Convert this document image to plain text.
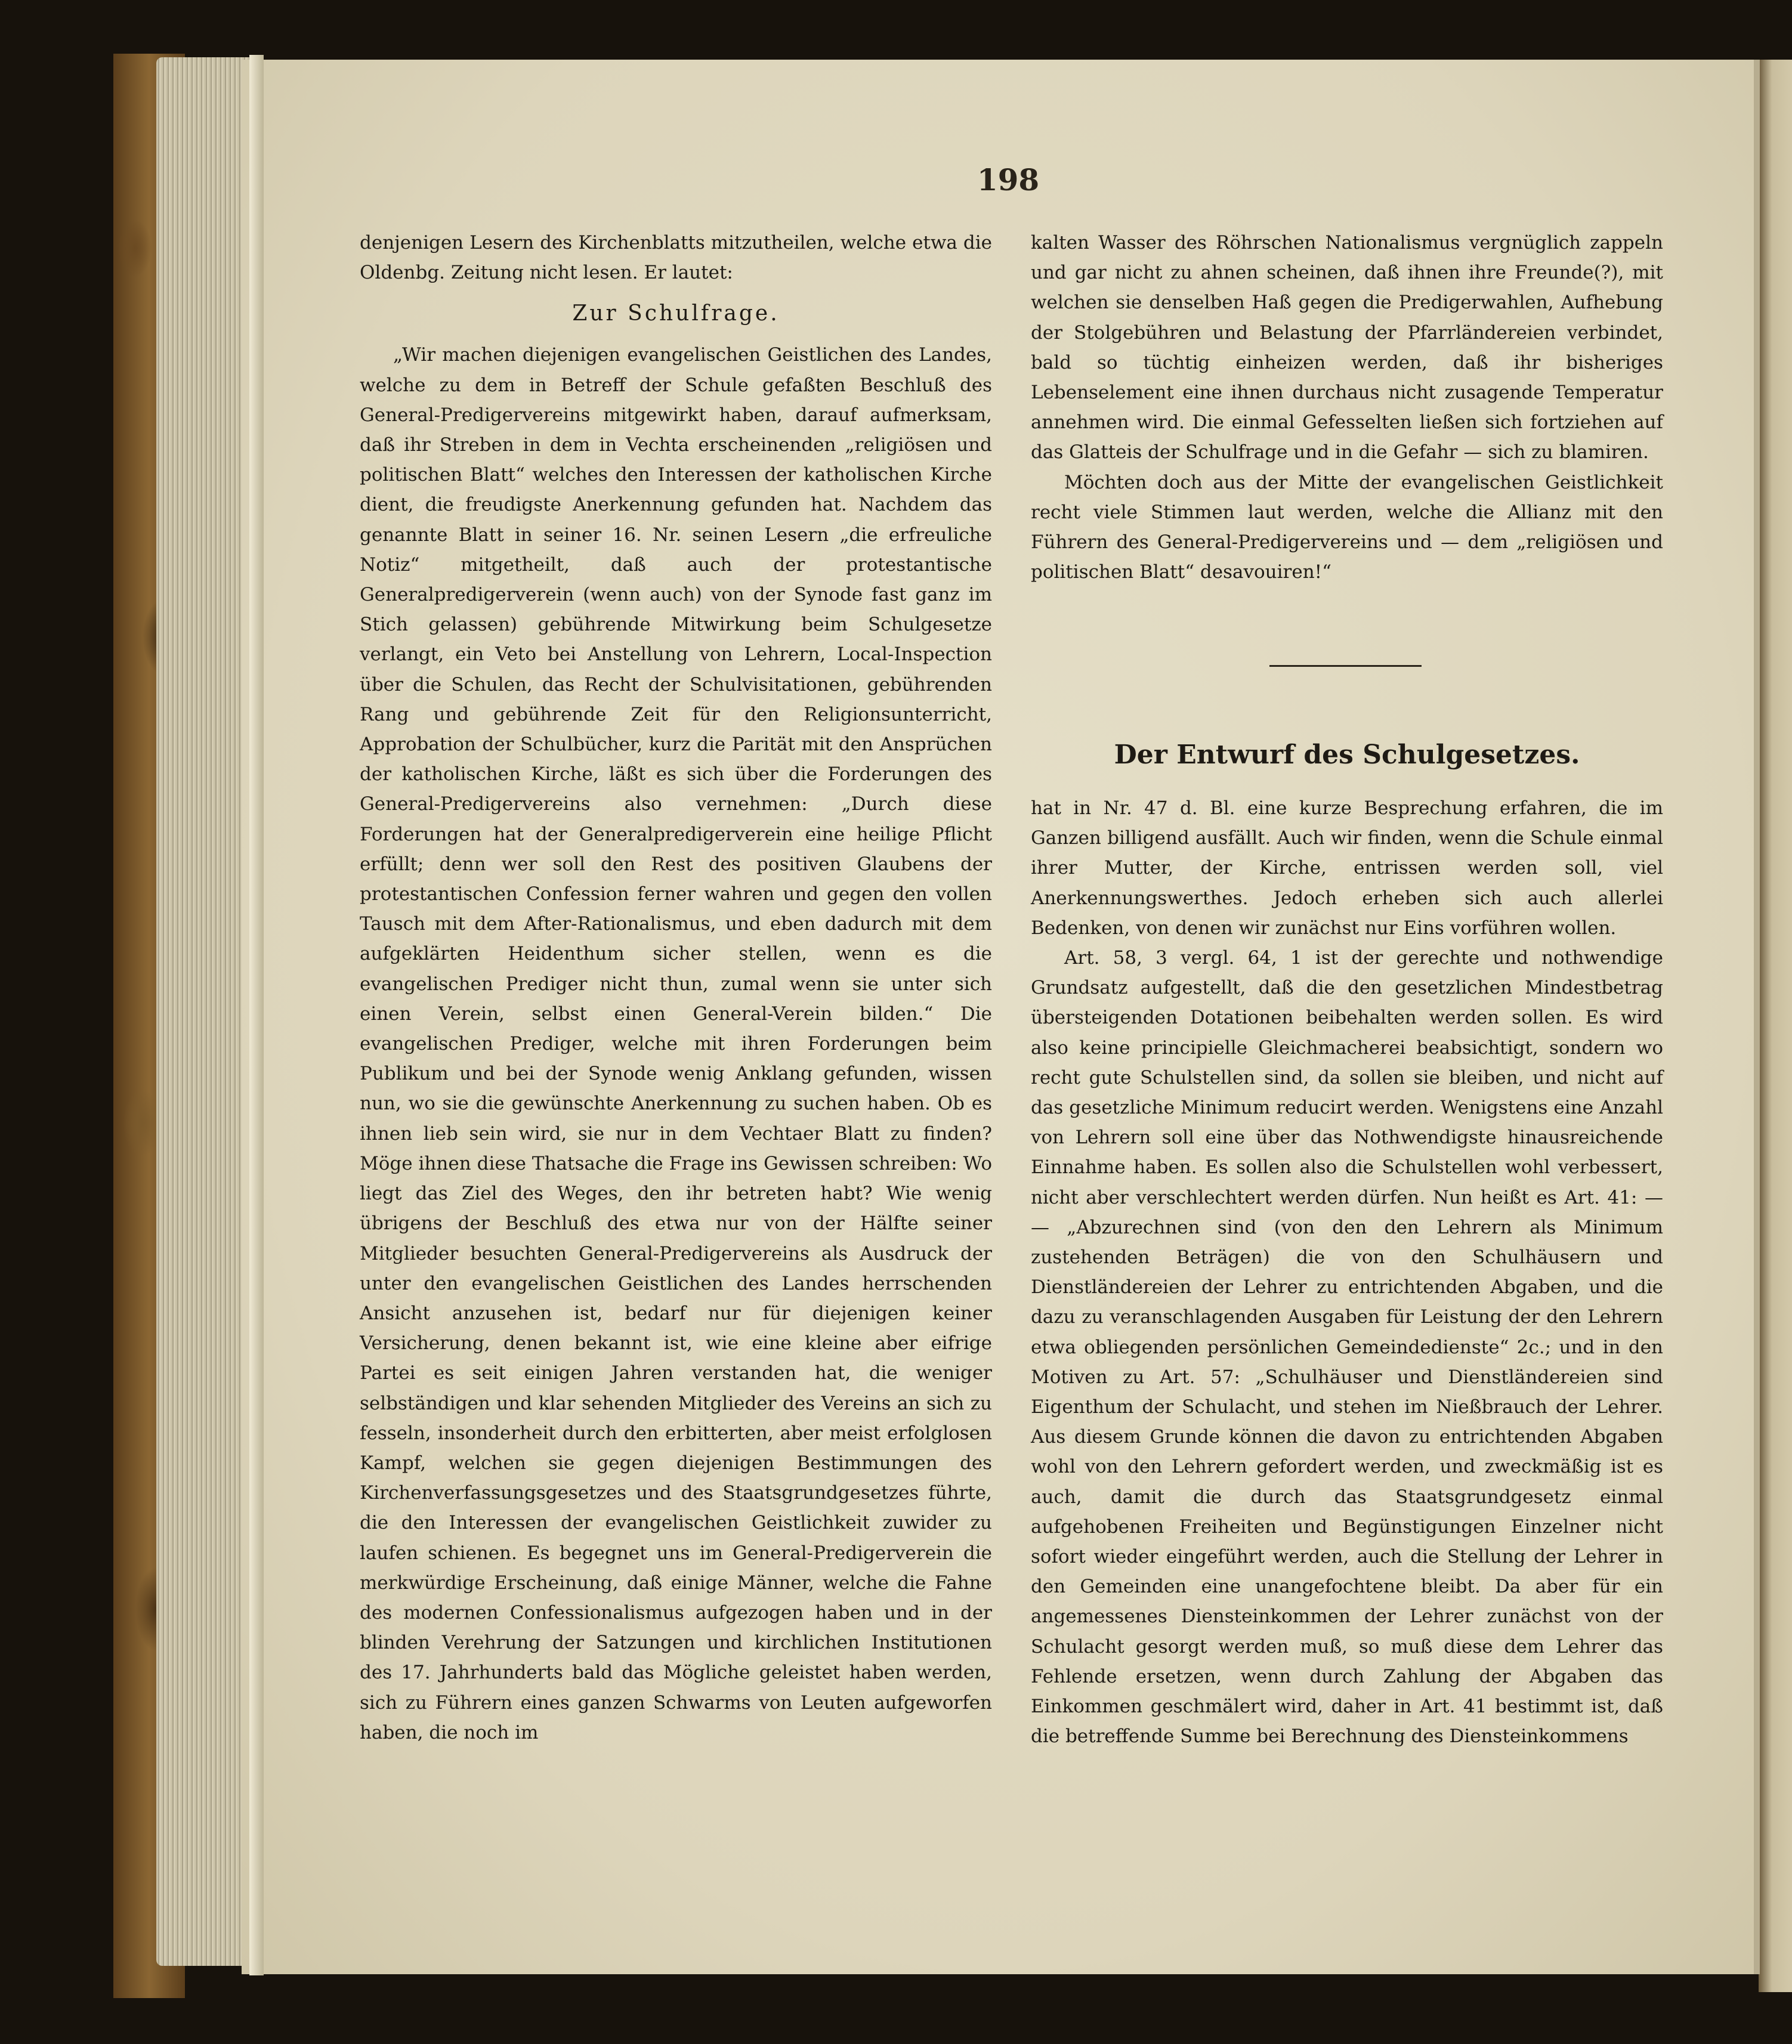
198

denjenigen Lesern des Kirchenblatts mitzutheilen, welche etwa die Oldenbg. Zeitung nicht lesen. Er lautet:

Zur Schulfrage.

„Wir machen diejenigen evangelischen Geistlichen des Landes, welche zu dem in Betreff der Schule gefaßten Beschluß des General-Predigervereins mitgewirkt haben, darauf aufmerksam, daß ihr Streben in dem in Vechta erscheinenden „religiösen und politischen Blatt“ welches den Interessen der katholischen Kirche dient, die freudigste Anerkennung gefunden hat. Nachdem das genannte Blatt in seiner 16. Nr. seinen Lesern „die erfreuliche Notiz“ mitgetheilt, daß auch der protestantische Generalpredigerverein (wenn auch) von der Synode fast ganz im Stich gelassen) gebührende Mitwirkung beim Schulgesetze verlangt, ein Veto bei Anstellung von Lehrern, Local-Inspection über die Schulen, das Recht der Schulvisitationen, gebührenden Rang und gebührende Zeit für den Religionsunterricht, Approbation der Schulbücher, kurz die Parität mit den Ansprüchen der katholischen Kirche, läßt es sich über die Forderungen des General-Predigervereins also vernehmen: „Durch diese Forderungen hat der Generalpredigerverein eine heilige Pflicht erfüllt; denn wer soll den Rest des positiven Glaubens der protestantischen Confession ferner wahren und gegen den vollen Tausch mit dem After-Rationalismus, und eben dadurch mit dem aufgeklärten Heidenthum sicher stellen, wenn es die evangelischen Prediger nicht thun, zumal wenn sie unter sich einen Verein, selbst einen General-Verein bilden.“ Die evangelischen Prediger, welche mit ihren Forderungen beim Publikum und bei der Synode wenig Anklang gefunden, wissen nun, wo sie die gewünschte Anerkennung zu suchen haben. Ob es ihnen lieb sein wird, sie nur in dem Vechtaer Blatt zu finden? Möge ihnen diese Thatsache die Frage ins Gewissen schreiben: Wo liegt das Ziel des Weges, den ihr betreten habt? Wie wenig übrigens der Beschluß des etwa nur von der Hälfte seiner Mitglieder besuchten General-Predigervereins als Ausdruck der unter den evangelischen Geistlichen des Landes herrschenden Ansicht anzusehen ist, bedarf nur für diejenigen keiner Versicherung, denen bekannt ist, wie eine kleine aber eifrige Partei es seit einigen Jahren verstanden hat, die weniger selbständigen und klar sehenden Mitglieder des Vereins an sich zu fesseln, insonderheit durch den erbitterten, aber meist erfolglosen Kampf, welchen sie gegen diejenigen Bestimmungen des Kirchenverfassungsgesetzes und des Staatsgrundgesetzes führte, die den Interessen der evangelischen Geistlichkeit zuwider zu laufen schienen. Es begegnet uns im General-Predigerverein die merkwürdige Erscheinung, daß einige Männer, welche die Fahne des modernen Confessionalismus aufgezogen haben und in der blinden Verehrung der Satzungen und kirchlichen Institutionen des 17. Jahrhunderts bald das Mögliche geleistet haben werden, sich zu Führern eines ganzen Schwarms von Leuten aufgeworfen haben, die noch im

kalten Wasser des Röhrschen Nationalismus vergnüglich zappeln und gar nicht zu ahnen scheinen, daß ihnen ihre Freunde(?), mit welchen sie denselben Haß gegen die Predigerwahlen, Aufhebung der Stolgebühren und Belastung der Pfarrländereien verbindet, bald so tüchtig einheizen werden, daß ihr bisheriges Lebenselement eine ihnen durchaus nicht zusagende Temperatur annehmen wird. Die einmal Gefesselten ließen sich fortziehen auf das Glatteis der Schulfrage und in die Gefahr — sich zu blamiren.

Möchten doch aus der Mitte der evangelischen Geistlichkeit recht viele Stimmen laut werden, welche die Allianz mit den Führern des General-Predigervereins und — dem „religiösen und politischen Blatt“ desavouiren!“

Der Entwurf des Schulgesetzes.

hat in Nr. 47 d. Bl. eine kurze Besprechung erfahren, die im Ganzen billigend ausfällt. Auch wir finden, wenn die Schule einmal ihrer Mutter, der Kirche, entrissen werden soll, viel Anerkennungswerthes. Jedoch erheben sich auch allerlei Bedenken, von denen wir zunächst nur Eins vorführen wollen.

Art. 58, 3 vergl. 64, 1 ist der gerechte und nothwendige Grundsatz aufgestellt, daß die den gesetzlichen Mindestbetrag übersteigenden Dotationen beibehalten werden sollen. Es wird also keine principielle Gleichmacherei beabsichtigt, sondern wo recht gute Schulstellen sind, da sollen sie bleiben, und nicht auf das gesetzliche Minimum reducirt werden. Wenigstens eine Anzahl von Lehrern soll eine über das Nothwendigste hinausreichende Einnahme haben. Es sollen also die Schulstellen wohl verbessert, nicht aber verschlechtert werden dürfen. Nun heißt es Art. 41: — — „Abzurechnen sind (von den den Lehrern als Minimum zustehenden Beträgen) die von den Schulhäusern und Dienstländereien der Lehrer zu entrichtenden Abgaben, und die dazu zu veranschlagenden Ausgaben für Leistung der den Lehrern etwa obliegenden persönlichen Gemeindedienste“ 2c.; und in den Motiven zu Art. 57: „Schulhäuser und Dienstländereien sind Eigenthum der Schulacht, und stehen im Nießbrauch der Lehrer. Aus diesem Grunde können die davon zu entrichtenden Abgaben wohl von den Lehrern gefordert werden, und zweckmäßig ist es auch, damit die durch das Staatsgrundgesetz einmal aufgehobenen Freiheiten und Begünstigungen Einzelner nicht sofort wieder eingeführt werden, auch die Stellung der Lehrer in den Gemeinden eine unangefochtene bleibt. Da aber für ein angemessenes Diensteinkommen der Lehrer zunächst von der Schulacht gesorgt werden muß, so muß diese dem Lehrer das Fehlende ersetzen, wenn durch Zahlung der Abgaben das Einkommen geschmälert wird, daher in Art. 41 bestimmt ist, daß die betreffende Summe bei Berechnung des Diensteinkommens
